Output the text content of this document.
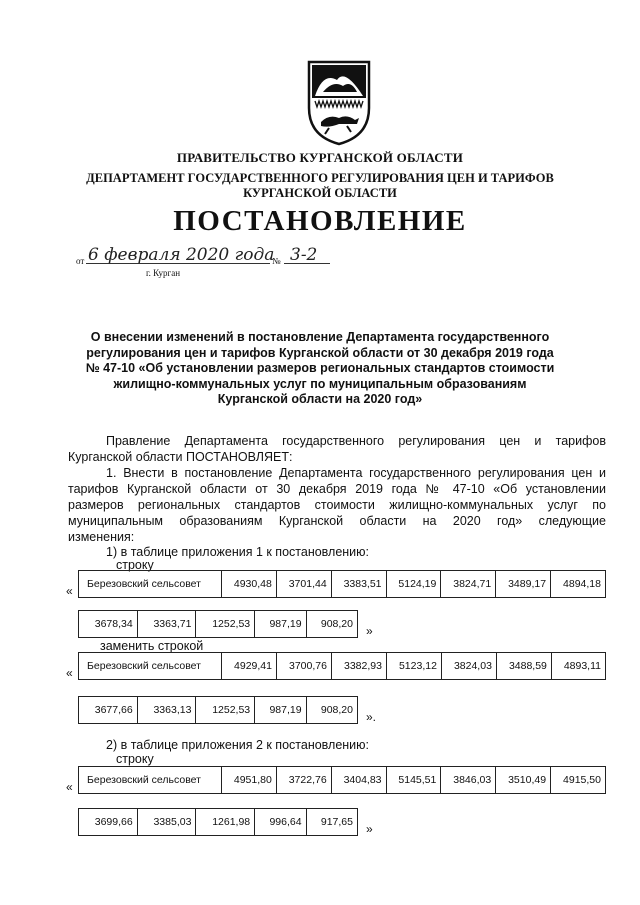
ПРАВИТЕЛЬСТВО КУРГАНСКОЙ ОБЛАСТИ
ДЕПАРТАМЕНТ ГОСУДАРСТВЕННОГО РЕГУЛИРОВАНИЯ ЦЕН И ТАРИФОВ
КУРГАНСКОЙ ОБЛАСТИ
ПОСТАНОВЛЕНИЕ
от 6 февраля 2020 года
№ 3-2
г. Курган
О внесении изменений в постановление Департамента государственного
регулирования цен и тарифов Курганской области от 30 декабря 2019 года
№ 47-10 «Об установлении размеров региональных стандартов стоимости
жилищно-коммунальных услуг по муниципальным образованиям
Курганской области на 2020 год»
Правление Департамента государственного регулирования цен и тарифов
Курганской области ПОСТАНОВЛЯЕТ:
1. Внести в постановление Департамента государственного регулирования цен и
тарифов Курганской области от 30 декабря 2019 года № 47-10 «Об установлении
размеров региональных стандартов стоимости жилищно-коммунальных услуг по
муниципальным образованиям Курганской области на 2020 год» следующие
изменения:
1) в таблице приложения 1 к постановлению:
строку
« Березовский сельсовет	4930,48	3701,44	3383,51	5124,19	3824,71	3489,17	4894,18
3678,34	3363,71	1252,53	987,19	908,20 »
заменить строкой
« Березовский сельсовет	4929,41	3700,76	3382,93	5123,12	3824,03	3488,59	4893,11
3677,66	3363,13	1252,53	987,19	908,20 ».
2) в таблице приложения 2 к постановлению:
строку
« Березовский сельсовет	4951,80	3722,76	3404,83	5145,51	3846,03	3510,49	4915,50
3699,66	3385,03	1261,98	996,64	917,65 »
